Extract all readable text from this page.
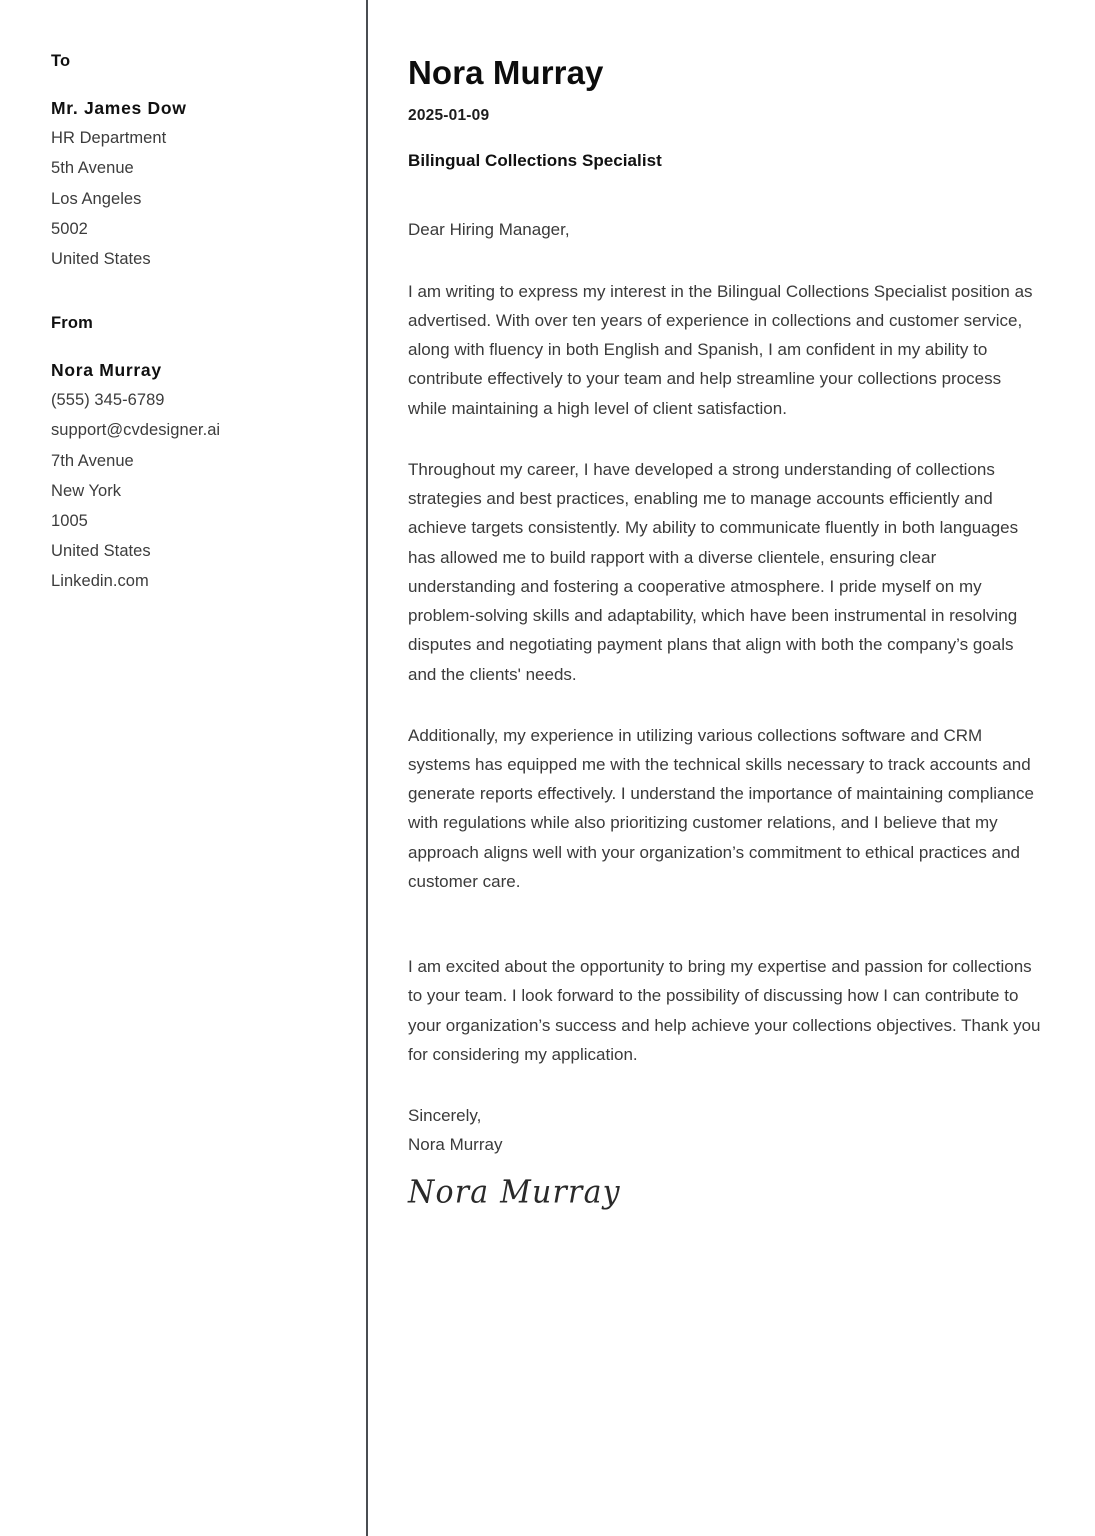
To
Mr. James Dow
HR Department
5th Avenue
Los Angeles
5002
United States
From
Nora Murray
(555) 345-6789
support@cvdesigner.ai
7th Avenue
New York
1005
United States
Linkedin.com
Nora Murray
2025-01-09
Bilingual Collections Specialist

Dear Hiring Manager,

I am writing to express my interest in the Bilingual Collections Specialist position as advertised. With over ten years of experience in collections and customer service, along with fluency in both English and Spanish, I am confident in my ability to contribute effectively to your team and help streamline your collections process while maintaining a high level of client satisfaction.

Throughout my career, I have developed a strong understanding of collections strategies and best practices, enabling me to manage accounts efficiently and achieve targets consistently. My ability to communicate fluently in both languages has allowed me to build rapport with a diverse clientele, ensuring clear understanding and fostering a cooperative atmosphere. I pride myself on my problem-solving skills and adaptability, which have been instrumental in resolving disputes and negotiating payment plans that align with both the company’s goals and the clients' needs.

Additionally, my experience in utilizing various collections software and CRM systems has equipped me with the technical skills necessary to track accounts and generate reports effectively. I understand the importance of maintaining compliance with regulations while also prioritizing customer relations, and I believe that my approach aligns well with your organization’s commitment to ethical practices and customer care.

I am excited about the opportunity to bring my expertise and passion for collections to your team. I look forward to the possibility of discussing how I can contribute to your organization’s success and help achieve your collections objectives. Thank you for considering my application.

Sincerely,
Nora Murray
Nora Murray
